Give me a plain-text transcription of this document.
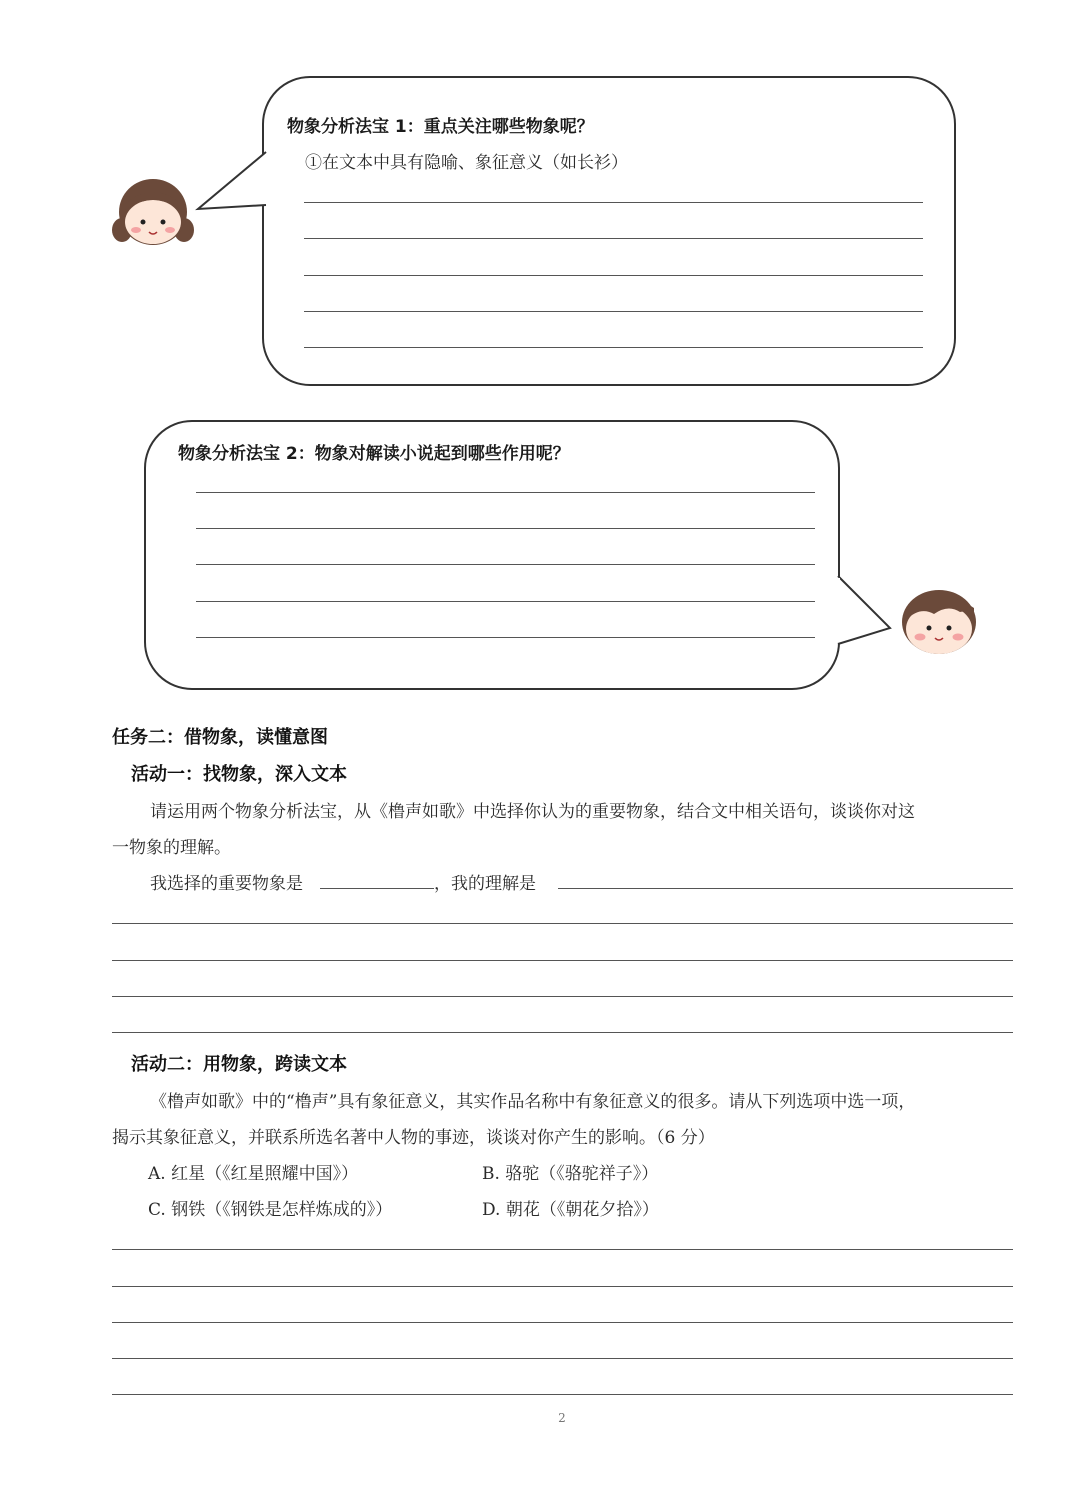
物象分析法宝 1：重点关注哪些物象呢？
①在文本中具有隐喻、象征意义（如长衫）
物象分析法宝 2：物象对解读小说起到哪些作用呢？
任务二：借物象，读懂意图
活动一：找物象，深入文本
请运用两个物象分析法宝，从《橹声如歌》中选择你认为的重要物象，结合文中相关语句，谈谈你对这
一物象的理解。
我选择的重要物象是	，我的理解是
活动二：用物象，跨读文本
《橹声如歌》中的“橹声”具有象征意义，其实作品名称中有象征意义的很多。请从下列选项中选一项，
揭示其象征意义，并联系所选名著中人物的事迹，谈谈对你产生的影响。（6 分）
A. 红星（《红星照耀中国》）	B. 骆驼（《骆驼祥子》）
C. 钢铁（《钢铁是怎样炼成的》）	D. 朝花（《朝花夕拾》）
2
